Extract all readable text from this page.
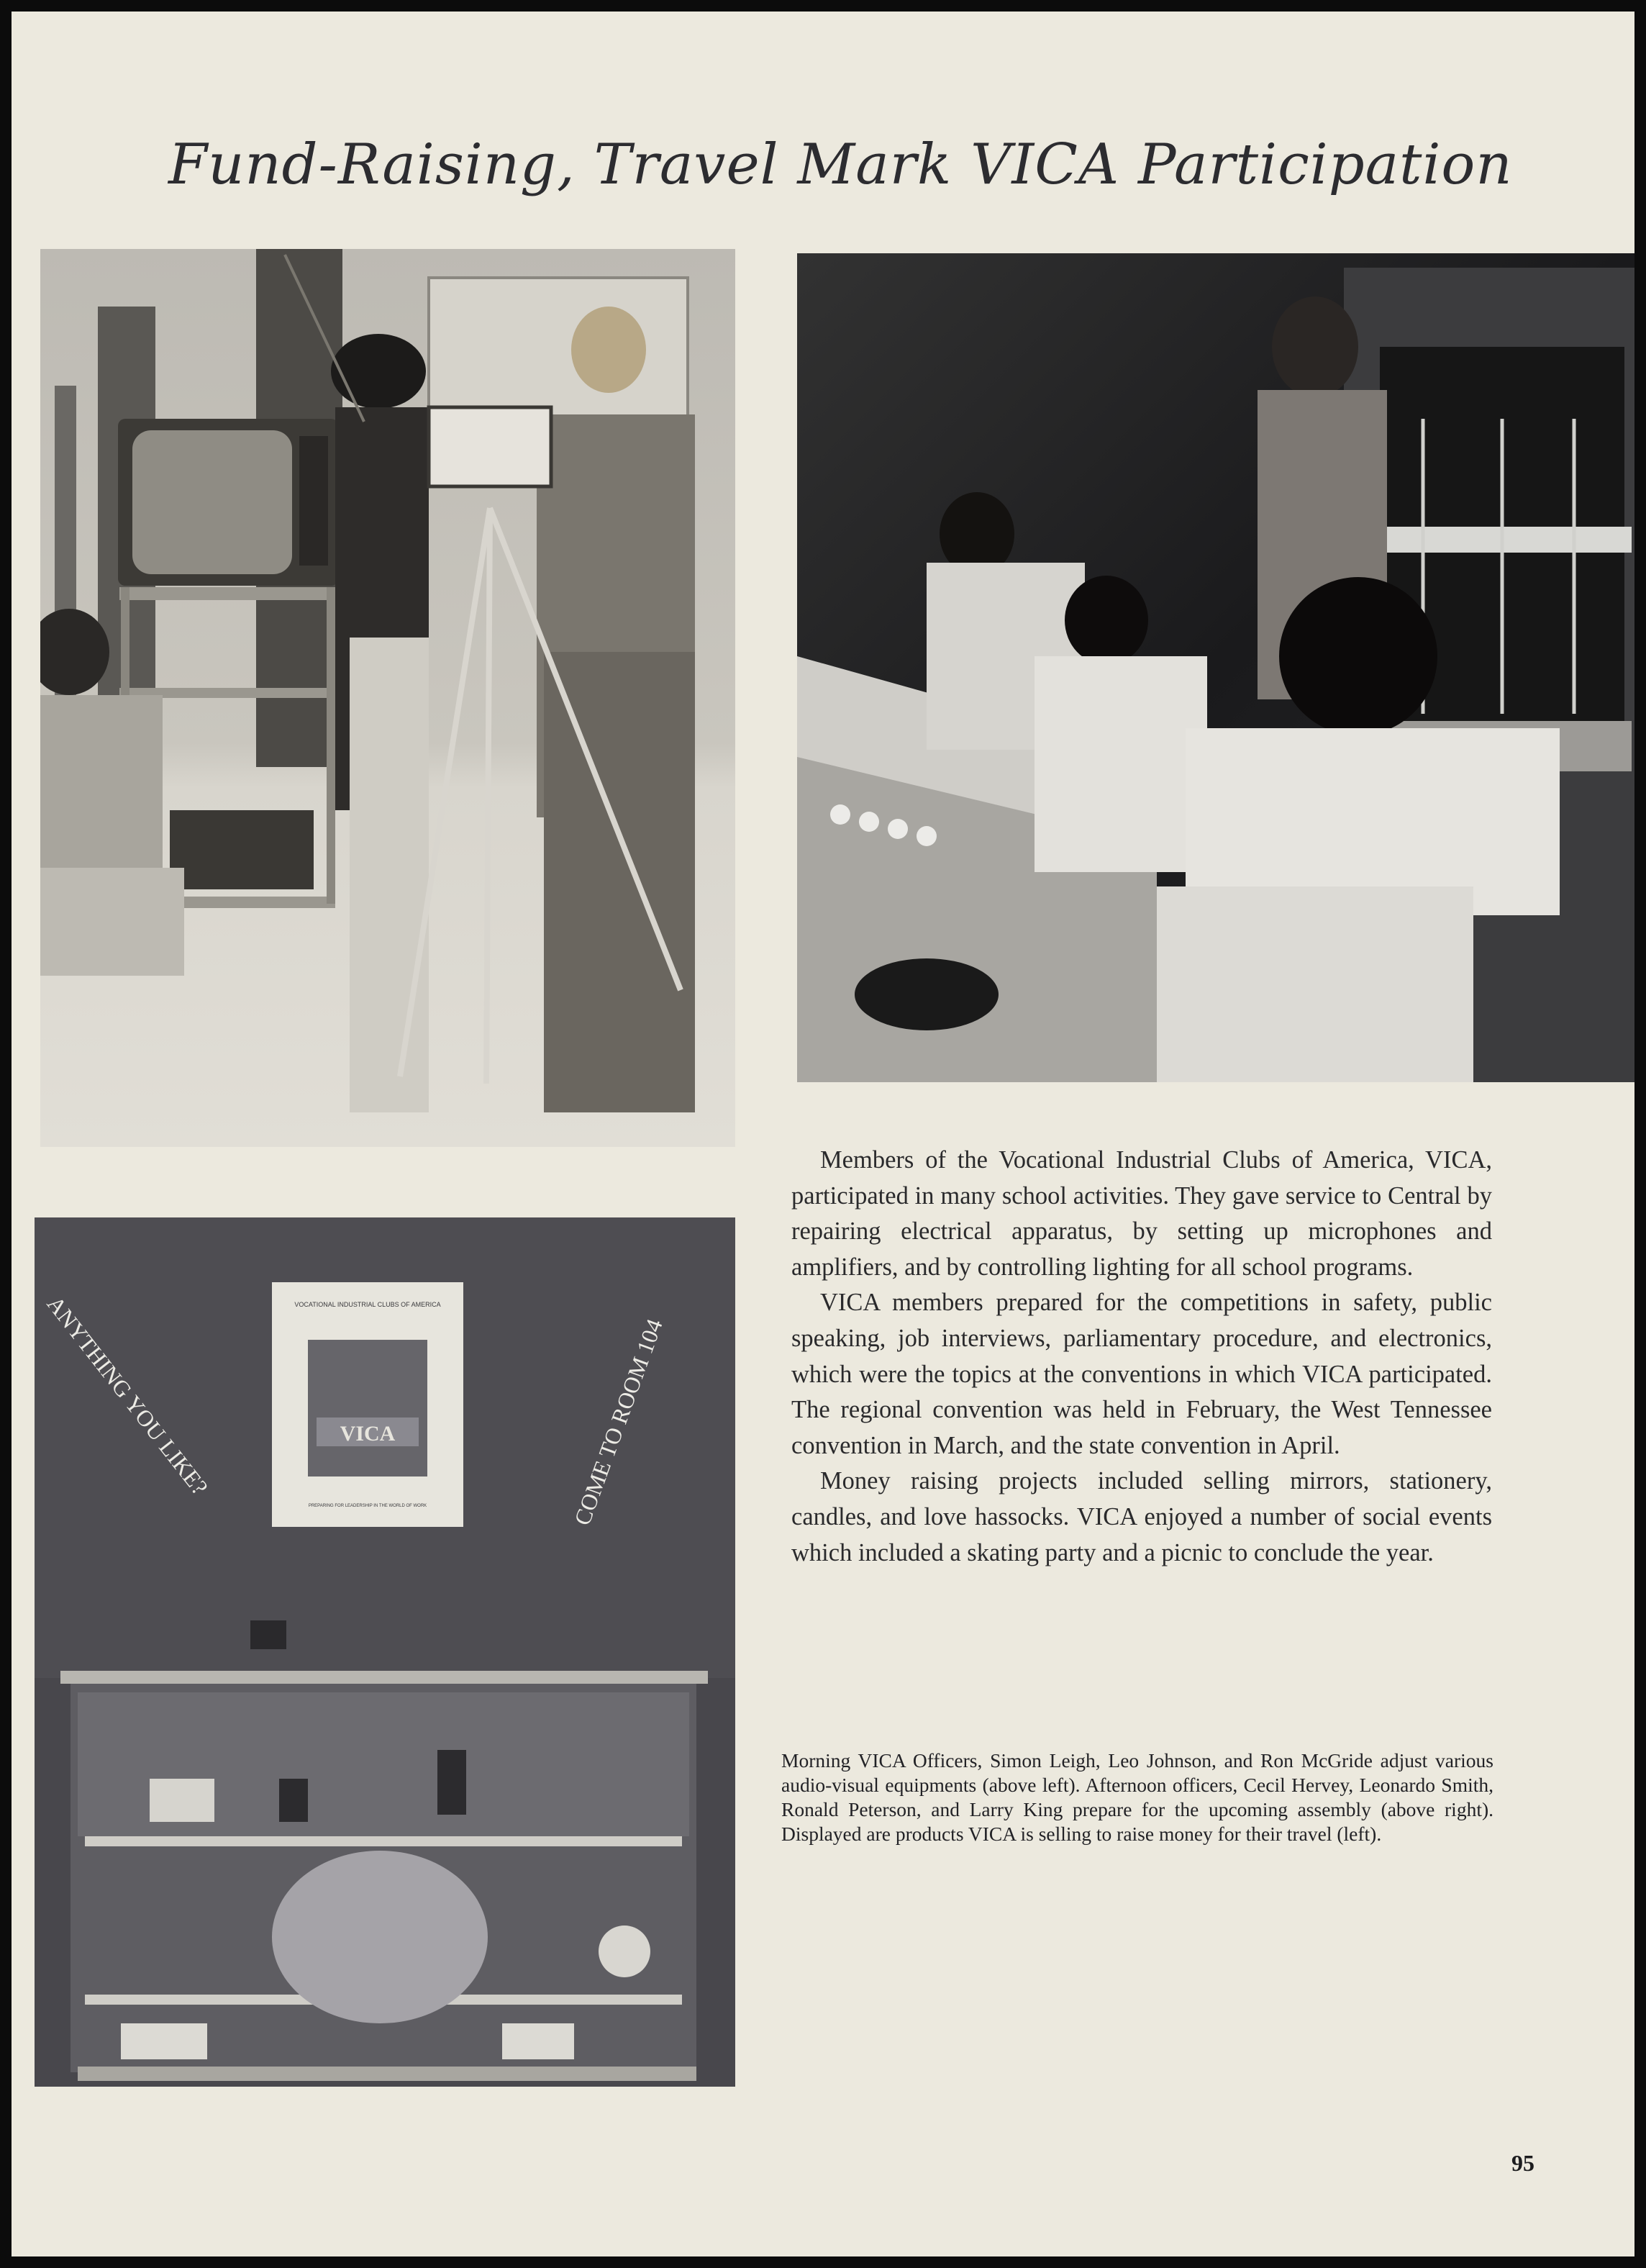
Fund-Raising, Travel Mark VICA Participation
VOCATIONAL INDUSTRIAL CLUBS OF AMERICA
VICA
PREPARING FOR LEADERSHIP IN THE WORLD OF WORK
ANYTHING YOU LIKE?	COME TO ROOM 104

Members of the Vocational Industrial Clubs of America, VICA, participated in many school activities. They gave service to Central by repairing electrical apparatus, by setting up microphones and amplifiers, and by controlling lighting for all school programs.

VICA members prepared for the competitions in safety, public speaking, job interviews, parliamentary procedure, and electronics, which were the topics at the conventions in which VICA participated. The regional convention was held in February, the West Tennessee convention in March, and the state convention in April.

Money raising projects included selling mirrors, stationery, candles, and love hassocks. VICA enjoyed a number of social events which included a skating party and a picnic to conclude the year.

Morning VICA Officers, Simon Leigh, Leo Johnson, and Ron McGride adjust various audio-visual equipments (above left). Afternoon officers, Cecil Hervey, Leonardo Smith, Ronald Peterson, and Larry King prepare for the upcoming assembly (above right). Displayed are products VICA is selling to raise money for their travel (left).
95
